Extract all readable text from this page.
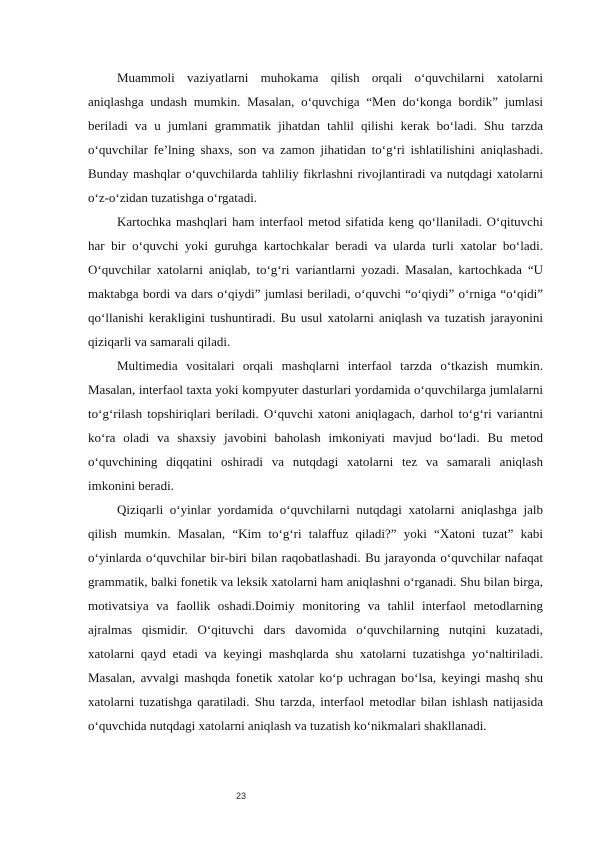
Muammoli vaziyatlarni muhokama qilish orqali o‘quvchilarni xatolarni aniqlashga undash mumkin. Masalan, o‘quvchiga “Men do‘konga bordik” jumlasi beriladi va u jumlani grammatik jihatdan tahlil qilishi kerak bo‘ladi. Shu tarzda o‘quvchilar fe’lning shaxs, son va zamon jihatidan to‘g‘ri ishlatilishini aniqlashadi. Bunday mashqlar o‘quvchilarda tahliliy fikrlashni rivojlantiradi va nutqdagi xatolarni o‘z-o‘zidan tuzatishga o‘rgatadi.

Kartochka mashqlari ham interfaol metod sifatida keng qo‘llaniladi. O‘qituvchi har bir o‘quvchi yoki guruhga kartochkalar beradi va ularda turli xatolar bo‘ladi. O‘quvchilar xatolarni aniqlab, to‘g‘ri variantlarni yozadi. Masalan, kartochkada “U maktabga bordi va dars o‘qiydi” jumlasi beriladi, o‘quvchi “o‘qiydi” o‘rniga “o‘qidi” qo‘llanishi kerakligini tushuntiradi. Bu usul xatolarni aniqlash va tuzatish jarayonini qiziqarli va samarali qiladi.

Multimedia vositalari orqali mashqlarni interfaol tarzda o‘tkazish mumkin. Masalan, interfaol taxta yoki kompyuter dasturlari yordamida o‘quvchilarga jumlalarni to‘g‘rilash topshiriqlari beriladi. O‘quvchi xatoni aniqlagach, darhol to‘g‘ri variantni ko‘ra oladi va shaxsiy javobini baholash imkoniyati mavjud bo‘ladi. Bu metod o‘quvchining diqqatini oshiradi va nutqdagi xatolarni tez va samarali aniqlash imkonini beradi.

Qiziqarli o‘yinlar yordamida o‘quvchilarni nutqdagi xatolarni aniqlashga jalb qilish mumkin. Masalan, “Kim to‘g‘ri talaffuz qiladi?” yoki “Xatoni tuzat” kabi o‘yinlarda o‘quvchilar bir-biri bilan raqobatlashadi. Bu jarayonda o‘quvchilar nafaqat grammatik, balki fonetik va leksik xatolarni ham aniqlashni o‘rganadi. Shu bilan birga, motivatsiya va faollik oshadi.Doimiy monitoring va tahlil interfaol metodlarning ajralmas qismidir. O‘qituvchi dars davomida o‘quvchilarning nutqini kuzatadi, xatolarni qayd etadi va keyingi mashqlarda shu xatolarni tuzatishga yo‘naltiriladi. Masalan, avvalgi mashqda fonetik xatolar ko‘p uchragan bo‘lsa, keyingi mashq shu xatolarni tuzatishga qaratiladi. Shu tarzda, interfaol metodlar bilan ishlash natijasida o‘quvchida nutqdagi xatolarni aniqlash va tuzatish ko‘nikmalari shakllanadi.

23
